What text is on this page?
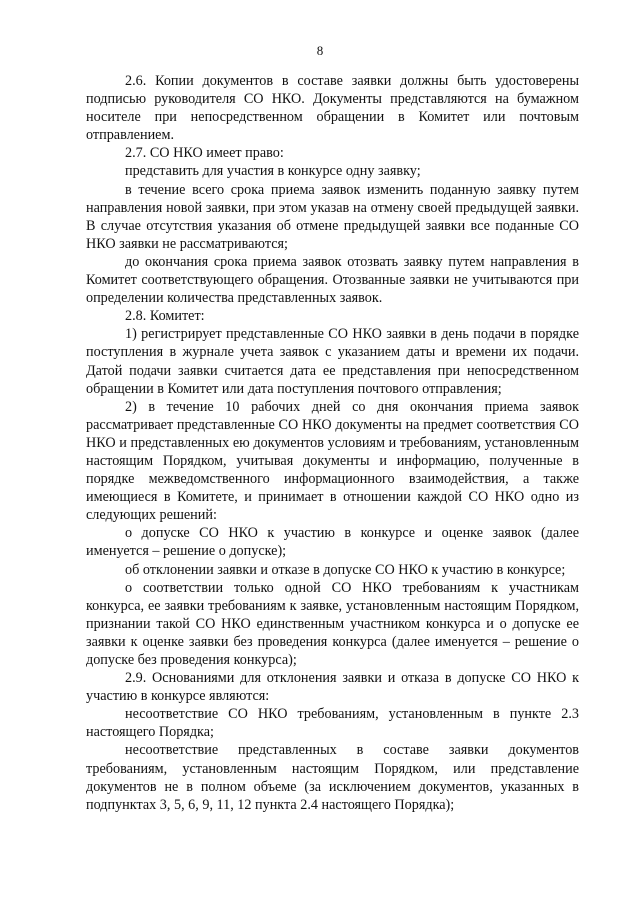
8

2.6. Копии документов в составе заявки должны быть удостоверены подписью руководителя СО НКО. Документы представляются на бумажном носителе при непосредственном обращении в Комитет или почтовым отправлением.

2.7. СО НКО имеет право:

представить для участия в конкурсе одну заявку;

в течение всего срока приема заявок изменить поданную заявку путем направления новой заявки, при этом указав на отмену своей предыдущей заявки. В случае отсутствия указания об отмене предыдущей заявки все поданные СО НКО заявки не рассматриваются;

до окончания срока приема заявок отозвать заявку путем направления в Комитет соответствующего обращения. Отозванные заявки не учитываются при определении количества представленных заявок.

2.8. Комитет:

1) регистрирует представленные СО НКО заявки в день подачи в порядке поступления в журнале учета заявок с указанием даты и времени их подачи. Датой подачи заявки считается дата ее представления при непосредственном обращении в Комитет или дата поступления почтового отправления;

2) в течение 10 рабочих дней со дня окончания приема заявок рассматривает представленные СО НКО документы на предмет соответствия СО НКО и представленных ею документов условиям и требованиям, установленным настоящим Порядком, учитывая документы и информацию, полученные в порядке межведомственного информационного взаимодействия, а также имеющиеся в Комитете, и принимает в отношении каждой СО НКО одно из следующих решений:

о допуске СО НКО к участию в конкурсе и оценке заявок (далее именуется – решение о допуске);

об отклонении заявки и отказе в допуске СО НКО к участию в конкурсе;

о соответствии только одной СО НКО требованиям к участникам конкурса, ее заявки требованиям к заявке, установленным настоящим Порядком, признании такой СО НКО единственным участником конкурса и о допуске ее заявки к оценке заявки без проведения конкурса (далее именуется – решение о допуске без проведения конкурса);

2.9. Основаниями для отклонения заявки и отказа в допуске СО НКО к участию в конкурсе являются:

несоответствие СО НКО требованиям, установленным в пункте 2.3 настоящего Порядка;

несоответствие представленных в составе заявки документов требованиям, установленным настоящим Порядком, или представление документов не в полном объеме (за исключением документов, указанных в подпунктах 3, 5, 6, 9, 11, 12 пункта 2.4 настоящего Порядка);
